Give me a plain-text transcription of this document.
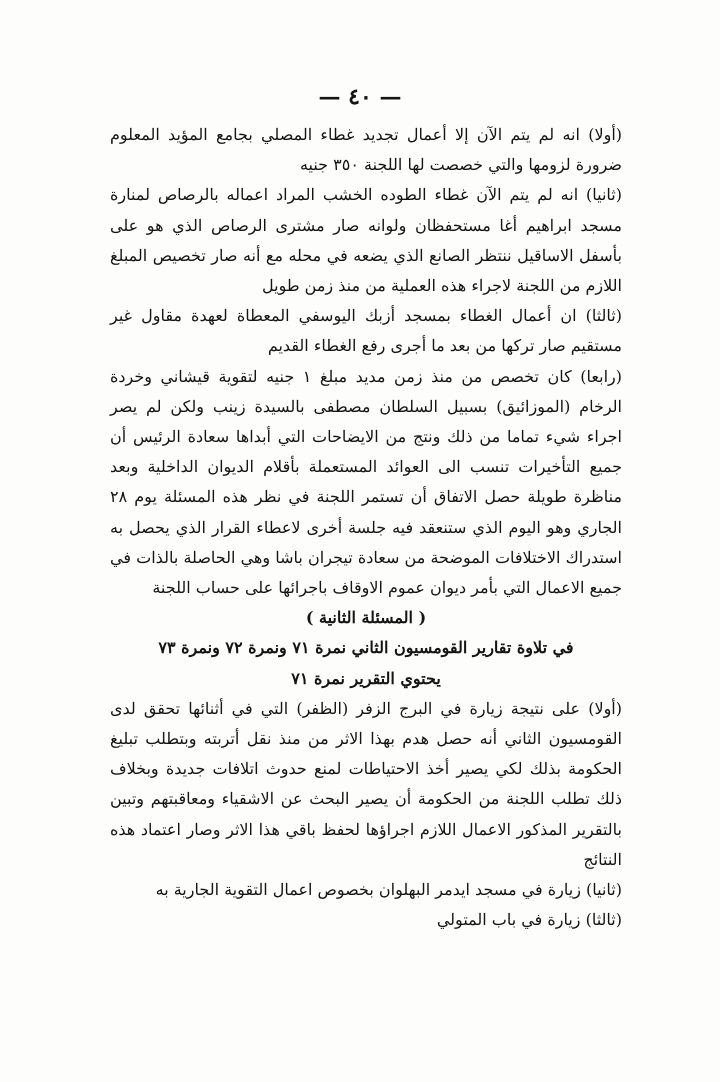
— ٤٠ —

(أولا) انه لم يتم الآن إلا أعمال تجديد غطاء المصلي بجامع المؤيد المعلوم ضرورة لزومها والتي خصصت لها اللجنة ٣٥٠ جنيه

(ثانيا) انه لم يتم الآن غطاء الطوده الخشب المراد اعماله بالرصاص لمنارة مسجد ابراهيم أغا مستحفظان ولوانه صار مشترى الرصاص الذي هو على بأسفل الاساقيل ننتظر الصانع الذي يضعه في محله مع أنه صار تخصيص المبلغ اللازم من اللجنة لاجراء هذه العملية من منذ زمن طويل

(ثالثا) ان أعمال الغطاء بمسجد أزبك اليوسفي المعطاة لعهدة مقاول غير مستقيم صار تركها من بعد ما أجرى رفع الغطاء القديم

(رابعا) كان تخصص من منذ زمن مديد مبلغ ١ جنيه لتقوية قيشاني وخردة الرخام (الموزائيق) بسبيل السلطان مصطفى بالسيدة زينب ولكن لم يصر اجراء شيء تماما من ذلك ونتج من الايضاحات التي أبداها سعادة الرئيس أن جميع التأخيرات تنسب الى العوائد المستعملة بأقلام الديوان الداخلية وبعد مناظرة طويلة حصل الاتفاق أن تستمر اللجنة في نظر هذه المسئلة يوم ٢٨ الجاري وهو اليوم الذي ستنعقد فيه جلسة أخرى لاعطاء القرار الذي يحصل به استدراك الاختلافات الموضحة من سعادة تيجران باشا وهي الحاصلة بالذات في جميع الاعمال التي بأمر ديوان عموم الاوقاف باجرائها على حساب اللجنة

( المسئلة الثانية )

في تلاوة تقارير القومسيون الثاني نمرة ٧١ ونمرة ٧٢ ونمرة ٧٣

يحتوي التقرير نمرة ٧١

(أولا) على نتيجة زيارة في البرج الزفر (الظفر) التي في أثنائها تحقق لدى القومسيون الثاني أنه حصل هدم بهذا الاثر من منذ نقل أتربته وبتطلب تبليغ الحكومة بذلك لكي يصير أخذ الاحتياطات لمنع حدوث اتلافات جديدة وبخلاف ذلك تطلب اللجنة من الحكومة أن يصير البحث عن الاشقياء ومعاقبتهم وتبين بالتقرير المذكور الاعمال اللازم اجراؤها لحفظ باقي هذا الاثر وصار اعتماد هذه النتائج

(ثانيا) زيارة في مسجد ايدمر البهلوان بخصوص اعمال التقوية الجارية به

(ثالثا) زيارة في باب المتولي
